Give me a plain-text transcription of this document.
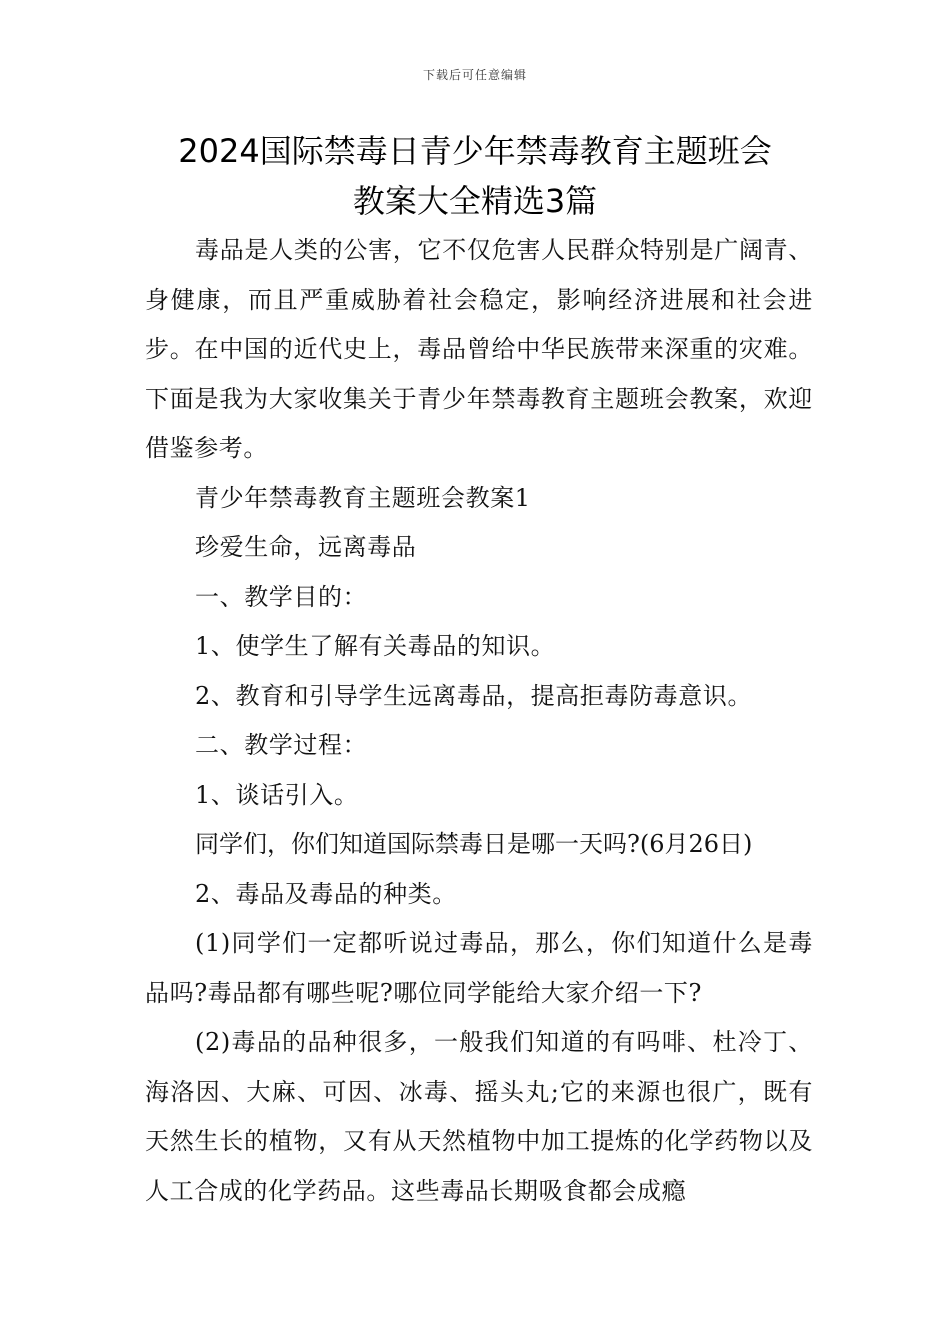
下载后可任意编辑
2024国际禁毒日青少年禁毒教育主题班会
教案大全精选3篇

毒品是人类的公害，它不仅危害人民群众特别是广阔青、身健康，而且严重威胁着社会稳定，影响经济进展和社会进步。在中国的近代史上，毒品曾给中华民族带来深重的灾难。下面是我为大家收集关于青少年禁毒教育主题班会教案，欢迎借鉴参考。

青少年禁毒教育主题班会教案1

珍爱生命，远离毒品

一、教学目的：

1、使学生了解有关毒品的知识。

2、教育和引导学生远离毒品，提高拒毒防毒意识。

二、教学过程：

1、谈话引入。

同学们，你们知道国际禁毒日是哪一天吗?(6月26日)

2、毒品及毒品的种类。

(1)同学们一定都听说过毒品，那么，你们知道什么是毒品吗?毒品都有哪些呢?哪位同学能给大家介绍一下?

(2)毒品的品种很多，一般我们知道的有吗啡、杜冷丁、海洛因、大麻、可因、冰毒、摇头丸;它的来源也很广，既有天然生长的植物，又有从天然植物中加工提炼的化学药物以及人工合成的化学药品。这些毒品长期吸食都会成瘾
